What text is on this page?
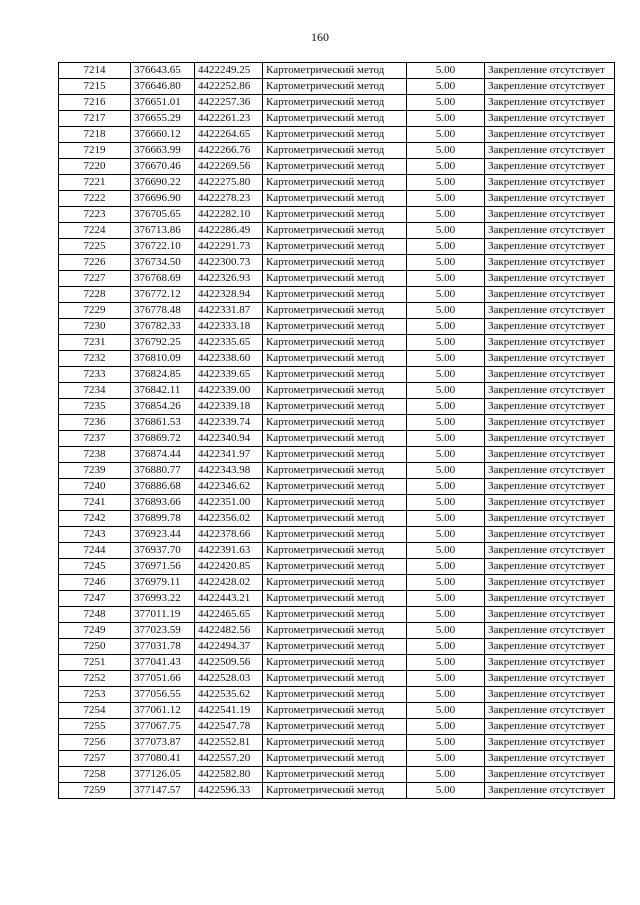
160
7214	376643.65	4422249.25	Картометрический метод	5.00	Закрепление отсутствует
7215	376646.80	4422252.86	Картометрический метод	5.00	Закрепление отсутствует
7216	376651.01	4422257.36	Картометрический метод	5.00	Закрепление отсутствует
7217	376655.29	4422261.23	Картометрический метод	5.00	Закрепление отсутствует
7218	376660.12	4422264.65	Картометрический метод	5.00	Закрепление отсутствует
7219	376663.99	4422266.76	Картометрический метод	5.00	Закрепление отсутствует
7220	376670.46	4422269.56	Картометрический метод	5.00	Закрепление отсутствует
7221	376690.22	4422275.80	Картометрический метод	5.00	Закрепление отсутствует
7222	376696.90	4422278.23	Картометрический метод	5.00	Закрепление отсутствует
7223	376705.65	4422282.10	Картометрический метод	5.00	Закрепление отсутствует
7224	376713.86	4422286.49	Картометрический метод	5.00	Закрепление отсутствует
7225	376722.10	4422291.73	Картометрический метод	5.00	Закрепление отсутствует
7226	376734.50	4422300.73	Картометрический метод	5.00	Закрепление отсутствует
7227	376768.69	4422326.93	Картометрический метод	5.00	Закрепление отсутствует
7228	376772.12	4422328.94	Картометрический метод	5.00	Закрепление отсутствует
7229	376778.48	4422331.87	Картометрический метод	5.00	Закрепление отсутствует
7230	376782.33	4422333.18	Картометрический метод	5.00	Закрепление отсутствует
7231	376792.25	4422335.65	Картометрический метод	5.00	Закрепление отсутствует
7232	376810.09	4422338.60	Картометрический метод	5.00	Закрепление отсутствует
7233	376824.85	4422339.65	Картометрический метод	5.00	Закрепление отсутствует
7234	376842.11	4422339.00	Картометрический метод	5.00	Закрепление отсутствует
7235	376854.26	4422339.18	Картометрический метод	5.00	Закрепление отсутствует
7236	376861.53	4422339.74	Картометрический метод	5.00	Закрепление отсутствует
7237	376869.72	4422340.94	Картометрический метод	5.00	Закрепление отсутствует
7238	376874.44	4422341.97	Картометрический метод	5.00	Закрепление отсутствует
7239	376880.77	4422343.98	Картометрический метод	5.00	Закрепление отсутствует
7240	376886.68	4422346.62	Картометрический метод	5.00	Закрепление отсутствует
7241	376893.66	4422351.00	Картометрический метод	5.00	Закрепление отсутствует
7242	376899.78	4422356.02	Картометрический метод	5.00	Закрепление отсутствует
7243	376923.44	4422378.66	Картометрический метод	5.00	Закрепление отсутствует
7244	376937.70	4422391.63	Картометрический метод	5.00	Закрепление отсутствует
7245	376971.56	4422420.85	Картометрический метод	5.00	Закрепление отсутствует
7246	376979.11	4422428.02	Картометрический метод	5.00	Закрепление отсутствует
7247	376993.22	4422443.21	Картометрический метод	5.00	Закрепление отсутствует
7248	377011.19	4422465.65	Картометрический метод	5.00	Закрепление отсутствует
7249	377023.59	4422482.56	Картометрический метод	5.00	Закрепление отсутствует
7250	377031.78	4422494.37	Картометрический метод	5.00	Закрепление отсутствует
7251	377041.43	4422509.56	Картометрический метод	5.00	Закрепление отсутствует
7252	377051.66	4422528.03	Картометрический метод	5.00	Закрепление отсутствует
7253	377056.55	4422535.62	Картометрический метод	5.00	Закрепление отсутствует
7254	377061.12	4422541.19	Картометрический метод	5.00	Закрепление отсутствует
7255	377067.75	4422547.78	Картометрический метод	5.00	Закрепление отсутствует
7256	377073.87	4422552.81	Картометрический метод	5.00	Закрепление отсутствует
7257	377080.41	4422557.20	Картометрический метод	5.00	Закрепление отсутствует
7258	377126.05	4422582.80	Картометрический метод	5.00	Закрепление отсутствует
7259	377147.57	4422596.33	Картометрический метод	5.00	Закрепление отсутствует
